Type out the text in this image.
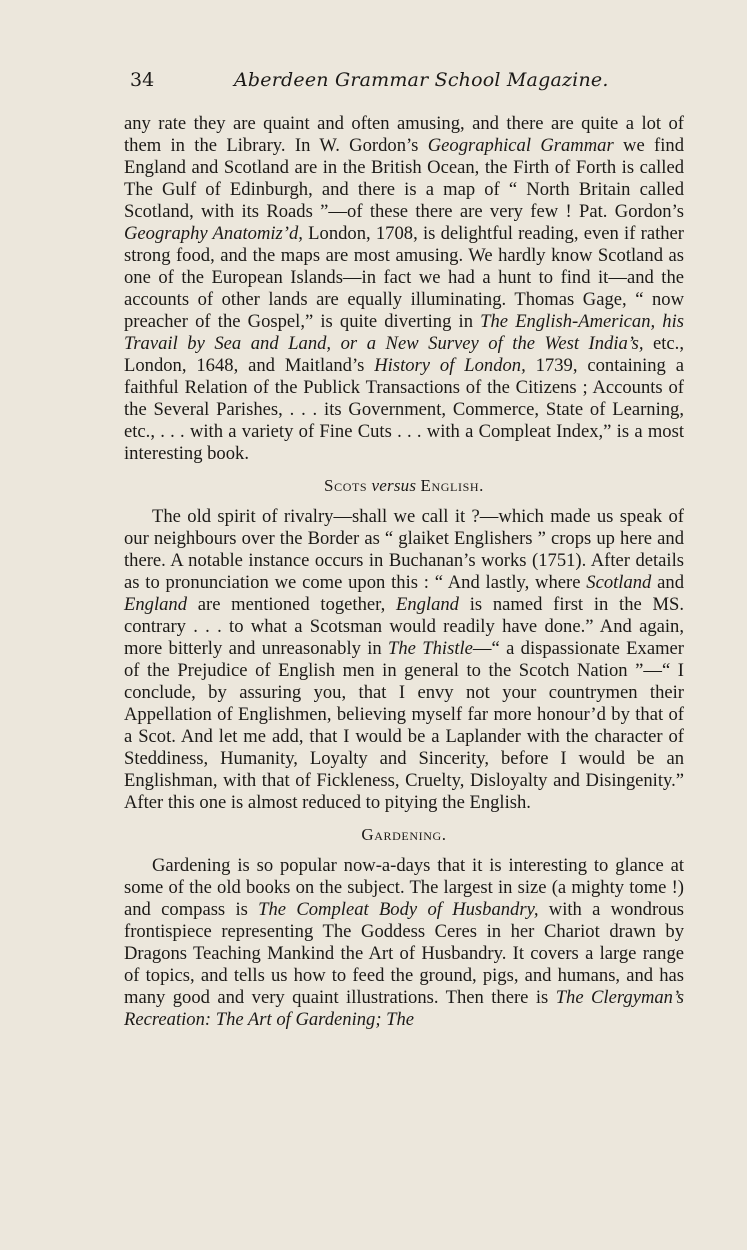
34	Aberdeen Grammar School Magazine.

any rate they are quaint and often amusing, and there are quite a lot of them in the Library. In W. Gordon’s Geographical Grammar we find England and Scotland are in the British Ocean, the Firth of Forth is called The Gulf of Edinburgh, and there is a map of “ North Britain called Scotland, with its Roads ”—of these there are very few ! Pat. Gordon’s Geography Anatomiz’d, London, 1708, is delightful reading, even if rather strong food, and the maps are most amusing. We hardly know Scotland as one of the European Islands—in fact we had a hunt to find it—and the accounts of other lands are equally illuminating. Thomas Gage, “ now preacher of the Gospel,” is quite diverting in The English-American, his Travail by Sea and Land, or a New Survey of the West India’s, etc., London, 1648, and Maitland’s History of London, 1739, containing a faithful Relation of the Publick Transactions of the Citizens ; Accounts of the Several Parishes, . . . its Government, Commerce, State of Learning, etc., . . . with a variety of Fine Cuts . . . with a Compleat Index,” is a most interesting book.

Scots versus English.

The old spirit of rivalry—shall we call it ?—which made us speak of our neighbours over the Border as “ glaiket Englishers ” crops up here and there. A notable instance occurs in Buchanan’s works (1751). After details as to pronunciation we come upon this : “ And lastly, where Scotland and England are mentioned together, England is named first in the MS. contrary . . . to what a Scotsman would readily have done.” And again, more bitterly and unreasonably in The Thistle—“ a dispassionate Examer of the Prejudice of English men in general to the Scotch Nation ”—“ I conclude, by assuring you, that I envy not your countrymen their Appellation of Englishmen, believing myself far more honour’d by that of a Scot. And let me add, that I would be a Laplander with the character of Steddiness, Humanity, Loyalty and Sincerity, before I would be an Englishman, with that of Fickleness, Cruelty, Disloyalty and Disingenity.” After this one is almost reduced to pitying the English.

Gardening.

Gardening is so popular now-a-days that it is interesting to glance at some of the old books on the subject. The largest in size (a mighty tome !) and compass is The Compleat Body of Husbandry, with a wondrous frontispiece representing The Goddess Ceres in her Chariot drawn by Dragons Teaching Mankind the Art of Husbandry. It covers a large range of topics, and tells us how to feed the ground, pigs, and humans, and has many good and very quaint illustrations. Then there is The Clergyman’s Recreation: The Art of Gardening; The
